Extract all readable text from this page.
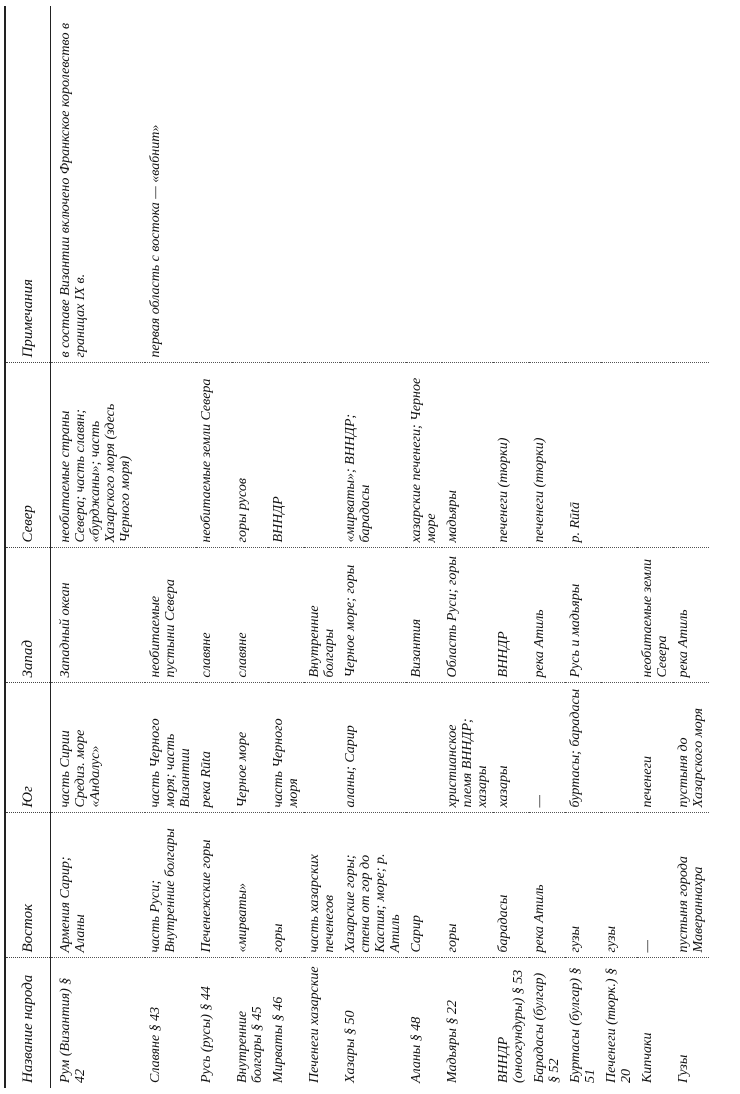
Название народа	Восток	Юг	Запад	Север	Примечания
Рум (Византия) § 42	Армения Сарир; Аланы	часть Сирии Средиз. море «Андалус»	Западный океан	необитаемые страны Севера; часть славян; «бурджаны»; часть Хазарского моря (здесь Черного моря)	в составе Византии включено Франкское королевство в границах IX в.
Славяне § 43	часть Руси; Внутренние болгары	часть Черного моря; часть Византии	необитаемые пустыни Севера		первая область с востока — «вабнит»
Русь (русы) § 44	Печенежские горы	река Rūta	славяне	необитаемые земли Севера	
Внутренние болгары § 45	«мирваты»	Черное море	славяне	горы русов	
Мирваты § 46	горы	часть Черного моря		ВННДР	
Печенеги хазарские	часть хазарских печенегов		Внутренние болгары		
Хазары § 50	Хазарские горы; стена от гор до Каспия; море; р. Атиль	аланы; Сарир	Черное море; горы	«мирваты»; ВННДР; барадасы	
Аланы § 48	Сарир		Византия	хазарские печенеги; Черное море	
Мадьяры § 22	горы	христианское племя ВННДР; хазары	Область Руси; горы	мадьяры	
ВННДР (оноогундуры) § 53	барадасы	хазары	ВННДР	печенеги (тюрки)	
Барадасы (булгар) § 52	река Атиль	—	река Атиль	печенеги (тюрки)	
Буртасы (булгар) § 51	гузы	буртасы; барадасы	Русь и мадьяры	р. Rūtā	
Печенеги (тюрк.) § 20	гузы				
Кипчаки	—	печенеги	необитаемые земли Севера		
Гузы	пустыня города Мавераннахра	пустыня до Хазарского моря	река Атиль		
